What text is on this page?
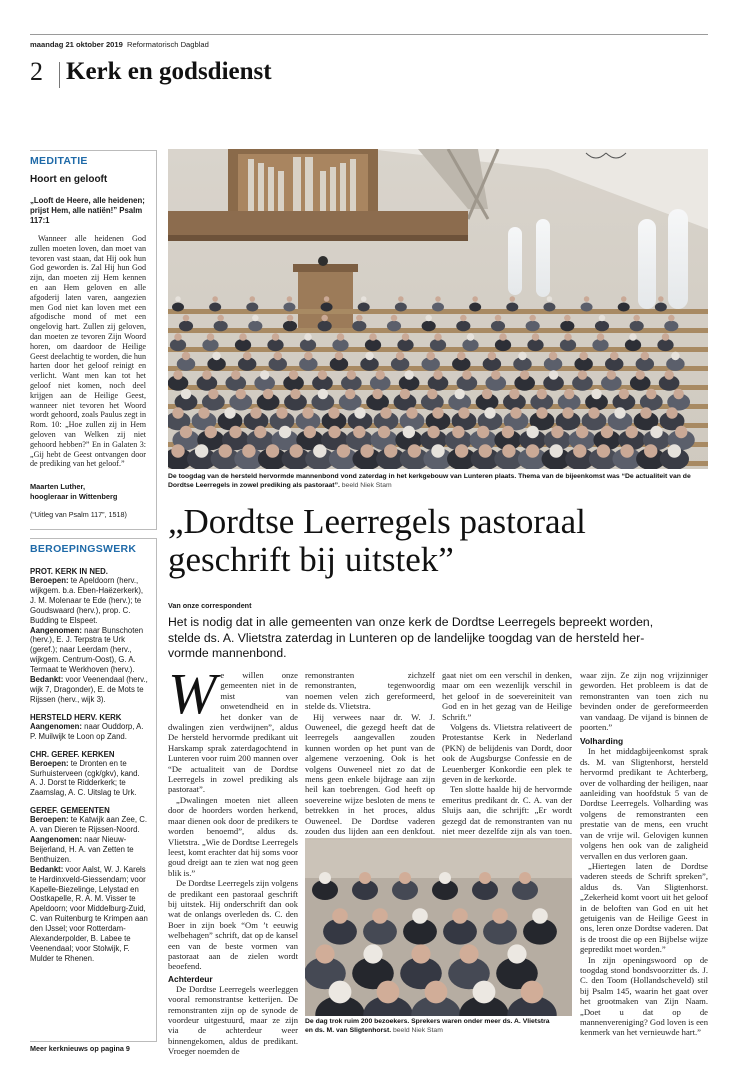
maandag 21 oktober 2019 Reformatorisch Dagblad
2 Kerk en godsdienst
MEDITATIE
Hoort en gelooft
„Looft de Heere, alle heidenen; prijst Hem, alle natiën!” Psalm 117:1
Wanneer alle heidenen God zullen moeten loven, dan moet van tevoren vast staan, dat Hij ook hun God geworden is. Zal Hij hun God zijn, dan moeten zij Hem kennen en aan Hem geloven en alle afgoderij laten varen, aangezien men God niet kan loven met een afgodische mond of met een ongelovig hart. Zullen zij geloven, dan moeten ze tevoren Zijn Woord horen, om daardoor de Heilige Geest deelachtig te worden, die hun harten door het geloof reinigt en verlicht. Want men kan tot het geloof niet komen, noch deel krijgen aan de Heilige Geest, wanneer niet tevoren het Woord wordt gehoord, zoals Paulus zegt in Rom. 10: „Hoe zullen zij in Hem geloven van Welken zij niet gehoord hebben?” En in Galaten 3: „Gij hebt de Geest ontvangen door de prediking van het geloof.”
Maarten Luther,
hoogleraar in Wittenberg
(“Uitleg van Psalm 117”, 1518)
BEROEPINGSWERK
PROT. KERK IN NED.
Beroepen: te Apeldoorn (herv., wijkgem. b.a. Eben-Haëzerkerk), J. M. Molenaar te Ede (herv.); te Goudswaard (herv.), prop. C. Budding te Elspeet.
Aangenomen: naar Bunschoten (herv.), E. J. Terpstra te Urk (geref.); naar Leerdam (herv., wijkgem. Centrum-Oost), G. A. Termaat te Werkhoven (herv.).
Bedankt: voor Veenendaal (herv., wijk 7, Dragonder), E. de Mots te Rijssen (herv., wijk 3).
HERSTELD HERV. KERK
Aangenomen: naar Ouddorp, A. P. Muilwijk te Loon op Zand.
CHR. GEREF. KERKEN
Beroepen: te Dronten en te Surhuisterveen (cgk/gkv), kand. A. J. Dorst te Ridderkerk; te Zaamslag, A. C. Uitslag te Urk.
GEREF. GEMEENTEN
Beroepen: te Katwijk aan Zee, C. A. van Dieren te Rijssen-Noord.
Aangenomen: naar Nieuw-Beijerland, H. A. van Zetten te Benthuizen.
Bedankt: voor Aalst, W. J. Karels te Hardinxveld-Giessendam; voor Kapelle-Biezelinge, Lelystad en Oostkapelle, R. A. M. Visser te Apeldoorn; voor Middelburg-Zuid, C. van Ruitenburg te Krimpen aan den IJssel; voor Rotterdam-Alexanderpolder, B. Labee te Veenendaal; voor Stolwijk, F. Mulder te Rhenen.
Meer kerknieuws op pagina 9
De toogdag van de hersteld hervormde mannenbond vond zaterdag in het kerkgebouw van Lunteren plaats. Thema van de bijeenkomst was “De actualiteit van de Dordtse Leerregels in zowel prediking als pastoraat”. beeld Niek Stam
„Dordtse Leerregels pastoraal
geschrift bij uitstek”
Van onze correspondent
Het is nodig dat in alle gemeenten van onze kerk de Dordtse Leerregels bepreekt worden,
stelde ds. A. Vlietstra zaterdag in Lunteren op de landelijke toogdag van de hersteld her-
vormde mannenbond.
W e willen onze gemeenten niet in de mist van onwetendheid en in het donker van de dwalingen zien verdwijnen”, aldus De hersteld hervormde predikant uit Harskamp sprak zaterdagochtend in Lunteren voor ruim 200 mannen over “De actualiteit van de Dordtse Leerregels in zowel prediking als pastoraat”.

„Dwalingen moeten niet alleen door de hoorders worden herkend, maar dienen ook door de predikers te worden benoemd”, aldus ds. Vlietstra. „Wie de Dordtse Leerregels leest, komt erachter dat hij soms voor goud dreigt aan te zien wat nog geen blik is.”

De Dordtse Leerregels zijn volgens de predikant een pastoraal geschrift bij uitstek. Hij onderschrift dan ook wat de onlangs overleden ds. C. den Boer in zijn boek “Om ’t eeuwig welbehagen” schrift, dat op de kansel een van de beste vormen van pastoraat aan de zielen wordt beoefend.

Achterdeur

De Dordtse Leerregels weerleggen vooral remonstrantse ketterijen. De remonstranten zijn op de synode de voordeur uitgestuurd, maar ze zijn via de achterdeur weer binnengekomen, aldus de predikant. Vroeger noemden de

remonstranten zichzelf remonstranten, tegenwoordig noemen velen zich gereformeerd, stelde ds. Vlietstra.

Hij verwees naar dr. W. J. Ouweneel, die gezegd heeft dat de leerregels aangevallen zouden kunnen worden op het punt van de algemene verzoening. Ook is het volgens Ouweneel niet zo dat de mens geen enkele bijdrage aan zijn heil kan toebrengen. God heeft op soevereine wijze besloten de mens te betrekken in het proces, aldus Ouweneel. De Dordtse vaderen zouden dus lijden aan een denkfout.

gaat niet om een verschil in denken, maar om een wezenlijk verschil in het geloof in de soevereiniteit van God en in het gezag van de Heilige Schrift.”

Volgens ds. Vlietstra relativeert de Protestantse Kerk in Nederland (PKN) de belijdenis van Dordt, door ook de Augsburgse Confessie en de Leuenberger Konkordie een plek te geven in de kerkorde.

Ten slotte haalde hij de hervormde emeritus predikant dr. C. A. van der Sluijs aan, die schrijft: „Er wordt gezegd dat de remonstranten van nu niet meer dezelfde zijn als van toen.

waar zijn. Ze zijn nog vrijzinniger geworden. Het probleem is dat de remonstranten van toen zich nu bevinden onder de gereformeerden van vandaag. De vijand is binnen de poorten.”

Volharding

In het middagbijeenkomst sprak ds. M. van Sligtenhorst, hersteld hervormd predikant te Achterberg, over de volharding der heiligen, naar aanleiding van hoofdstuk 5 van de Dordtse Leerregels. Volharding was volgens de remonstranten een prestatie van de mens, een vrucht van de vrije wil. Gelovigen kunnen volgens hen ook van de zaligheid vervallen en dus verloren gaan.

„Hiertegen laten de Dordtse vaderen steeds de Schrift spreken”, aldus ds. Van Sligtenhorst. „Zekerheid komt voort uit het geloof in de beloften van God en uit het getuigenis van de Heilige Geest in ons, leren onze Dordtse vaderen. Dat is de troost die op een Bijbelse wijze gepredikt moet worden.”

In zijn openingswoord op de toogdag stond bondsvoorzitter ds. J. C. den Toom (Hollandscheveld) stil bij Psalm 145, waarin het gaat over het grootmaken van Zijn Naam. „Doet u dat op de mannenvereniging? God loven is een kenmerk van het vernieuwde hart.”

De dag trok ruim 200 bezoekers. Sprekers waren onder meer ds. A. Vlietstra
en ds. M. van Sligtenhorst. beeld Niek Stam
